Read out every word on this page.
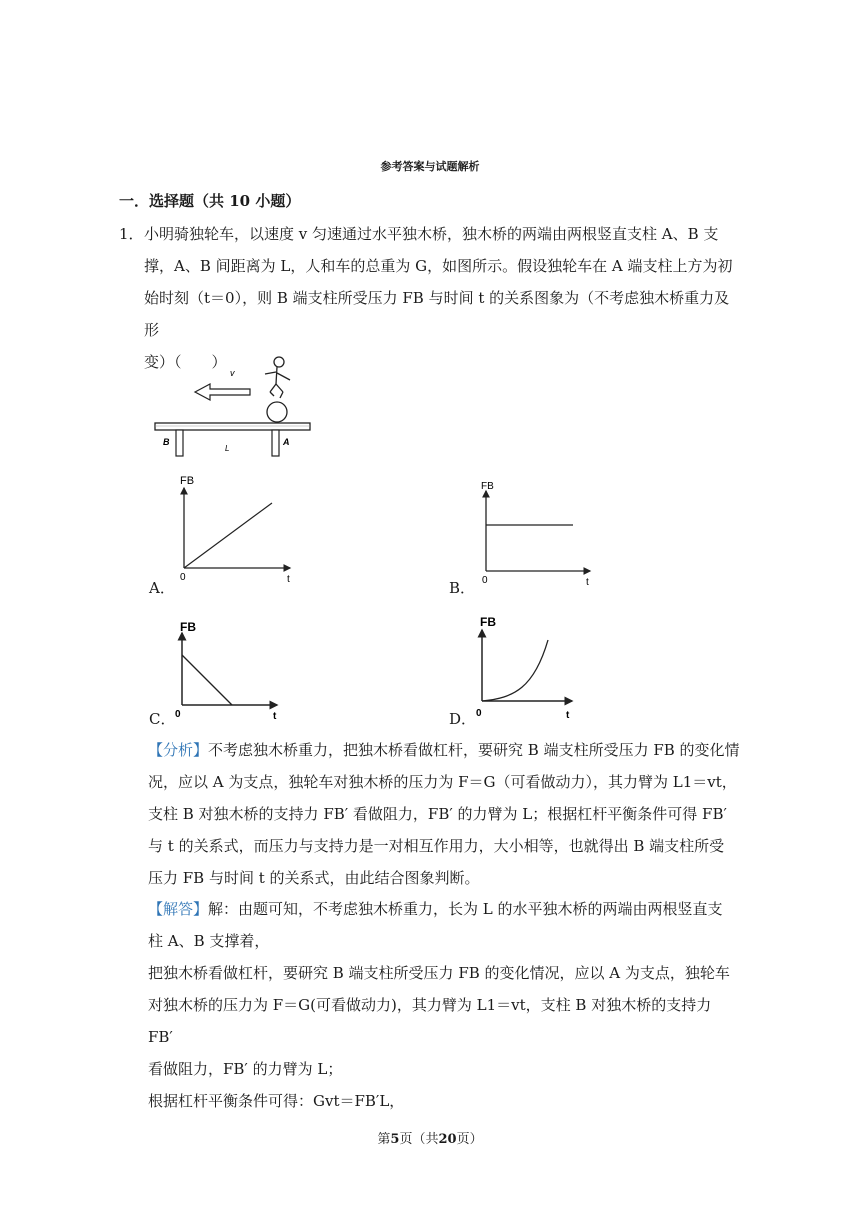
参考答案与试题解析
一．选择题（共 10 小题）
1．小明骑独轮车，以速度 v 匀速通过水平独木桥，独木桥的两端由两根竖直支柱 A、B 支
撑，A、B 间距离为 L，人和车的总重为 G，如图所示。假设独轮车在 A 端支柱上方为初
始时刻（t＝0），则 B 端支柱所受压力 FB 与时间 t 的关系图象为（不考虑独木桥重力及形
变）（　　）
v
B	A
L
A．
FB
0	t	B．
FB
0	t
C．
FB
0	t	D．
FB
0	t
【分析】不考虑独木桥重力，把独木桥看做杠杆，要研究 B 端支柱所受压力 FB 的变化情
况，应以 A 为支点，独轮车对独木桥的压力为 F＝G（可看做动力），其力臂为 L1＝vt，
支柱 B 对独木桥的支持力 FB′ 看做阻力，FB′ 的力臂为 L；根据杠杆平衡条件可得 FB′
与 t 的关系式，而压力与支持力是一对相互作用力，大小相等，也就得出 B 端支柱所受
压力 FB 与时间 t 的关系式，由此结合图象判断。
【解答】解：由题可知，不考虑独木桥重力，长为 L 的水平独木桥的两端由两根竖直支
柱 A、B 支撑着，
把独木桥看做杠杆，要研究 B 端支柱所受压力 FB 的变化情况，应以 A 为支点，独轮车
对独木桥的压力为 F＝G(可看做动力)，其力臂为 L1＝vt，支柱 B 对独木桥的支持力 FB′
看做阻力，FB′ 的力臂为 L；
根据杠杆平衡条件可得：Gvt＝FB′L，
第5页（共20页）
